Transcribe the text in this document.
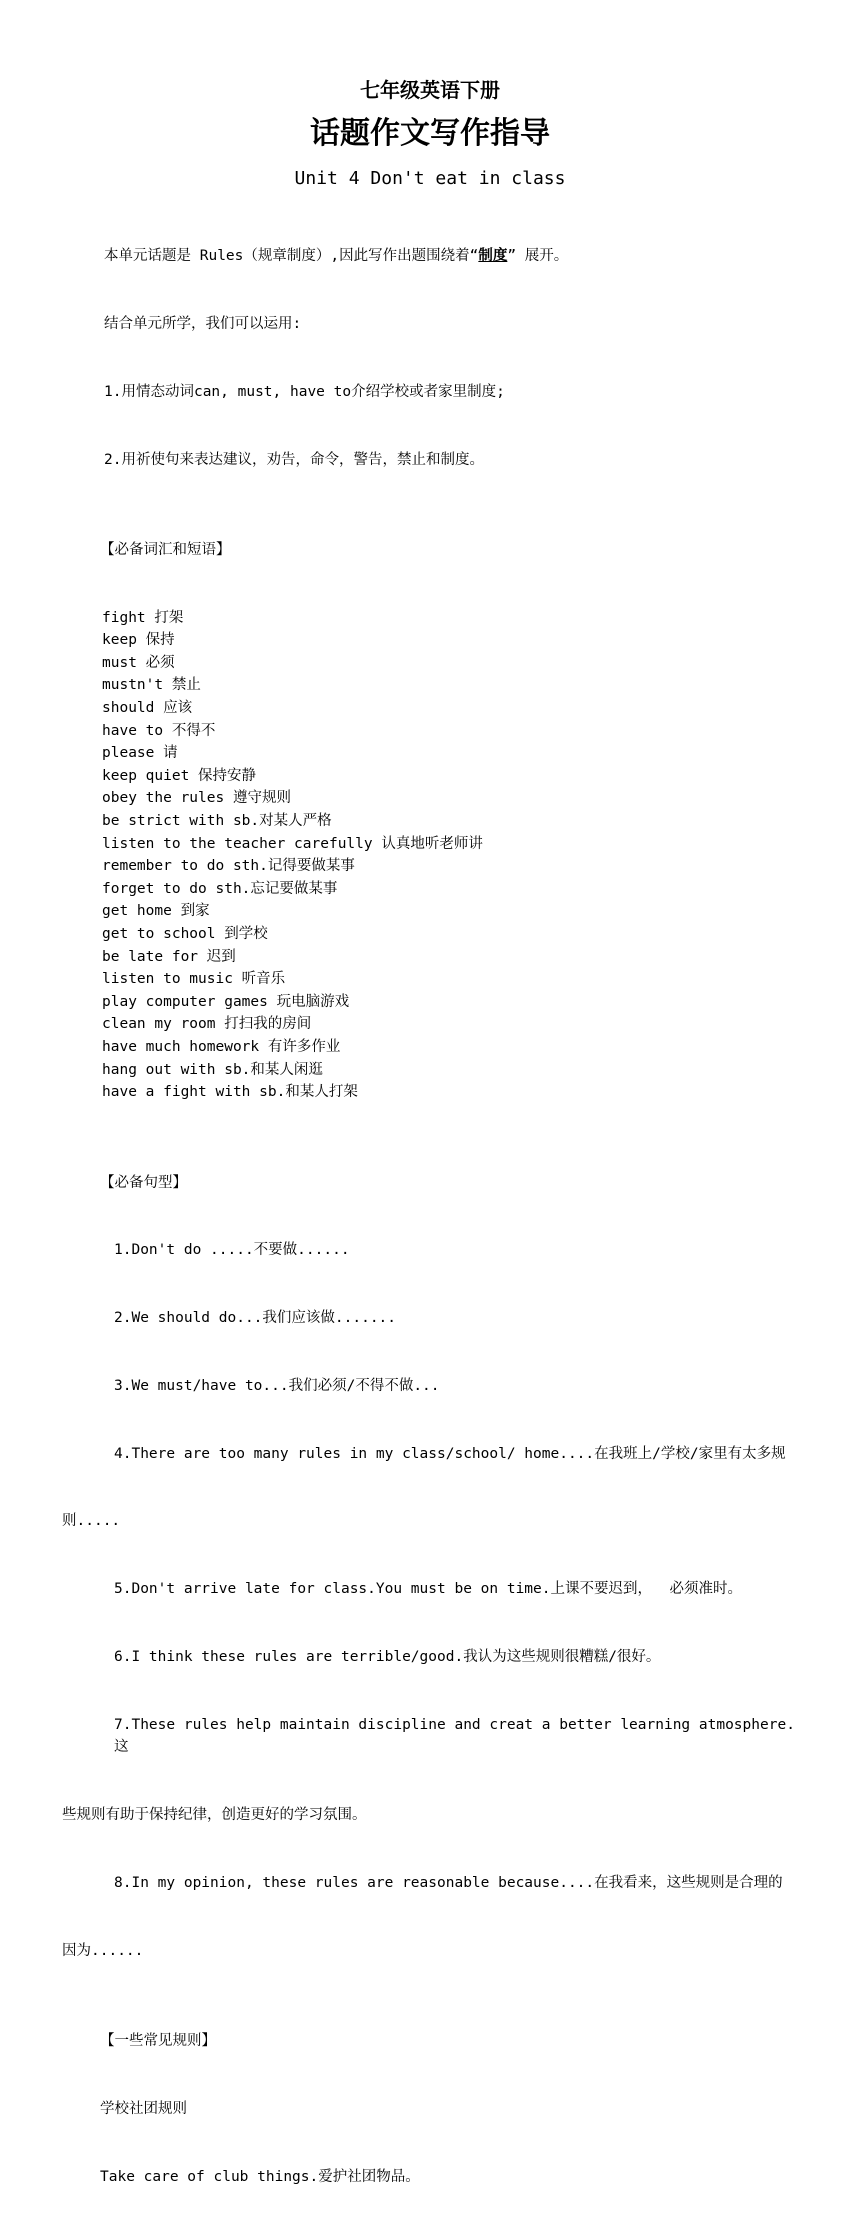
七年级英语下册
话题作文写作指导
Unit 4 Don't eat in class

本单元话题是 Rules（规章制度）,因此写作出题围绕着“制度” 展开。

结合单元所学，我们可以运用:

1.用情态动词can, must, have to介绍学校或者家里制度;

2.用祈使句来表达建议，劝告，命令，警告，禁止和制度。

【必备词汇和短语】

fight 打架
keep 保持
must 必须
mustn't 禁止
should 应该
have to 不得不
please 请
keep quiet 保持安静
obey the rules 遵守规则
be strict with sb.对某人严格
listen to the teacher carefully 认真地听老师讲
remember to do sth.记得要做某事
forget to do sth.忘记要做某事
get home 到家
get to school 到学校
be late for 迟到
listen to music 听音乐
play computer games 玩电脑游戏
clean my room 打扫我的房间
have much homework 有许多作业
hang out with sb.和某人闲逛
have a fight with sb.和某人打架

【必备句型】

1.Don't do .....不要做......

2.We should do...我们应该做.......

3.We must/have to...我们必须/不得不做...

4.There are too many rules in my class/school/ home....在我班上/学校/家里有太多规

则.....

5.Don't arrive late for class.You must be on time.上课不要迟到，  必须准时。

6.I think these rules are terrible/good.我认为这些规则很糟糕/很好。

7.These rules help maintain discipline and creat a better learning atmosphere.这

些规则有助于保持纪律，创造更好的学习氛围。

8.In my opinion, these rules are reasonable because....在我看来，这些规则是合理的

因为......

【一些常见规则】

学校社团规则

Take care of club things.爱护社团物品。
